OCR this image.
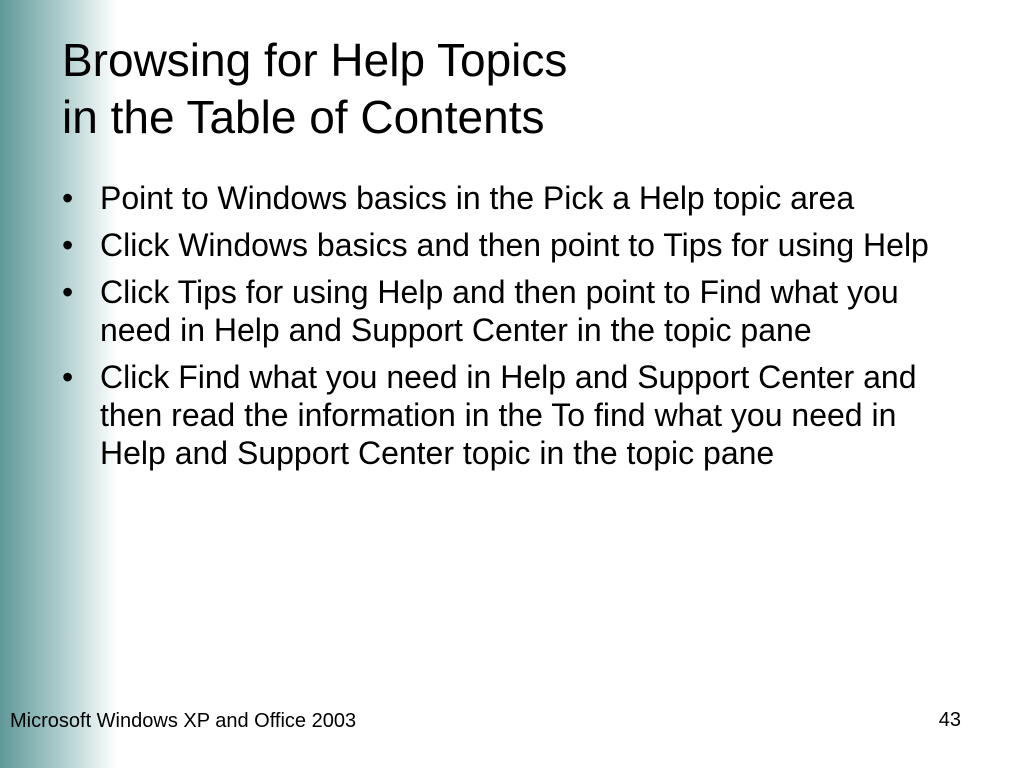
Browsing for Help Topics
in the Table of Contents
• Point to Windows basics in the Pick a Help topic area
• Click Windows basics and then point to Tips for using Help
• Click Tips for using Help and then point to Find what you need in Help and Support Center in the topic pane
• Click Find what you need in Help and Support Center and then read the information in the To find what you need in Help and Support Center topic in the topic pane
Microsoft Windows XP and Office 2003	43
